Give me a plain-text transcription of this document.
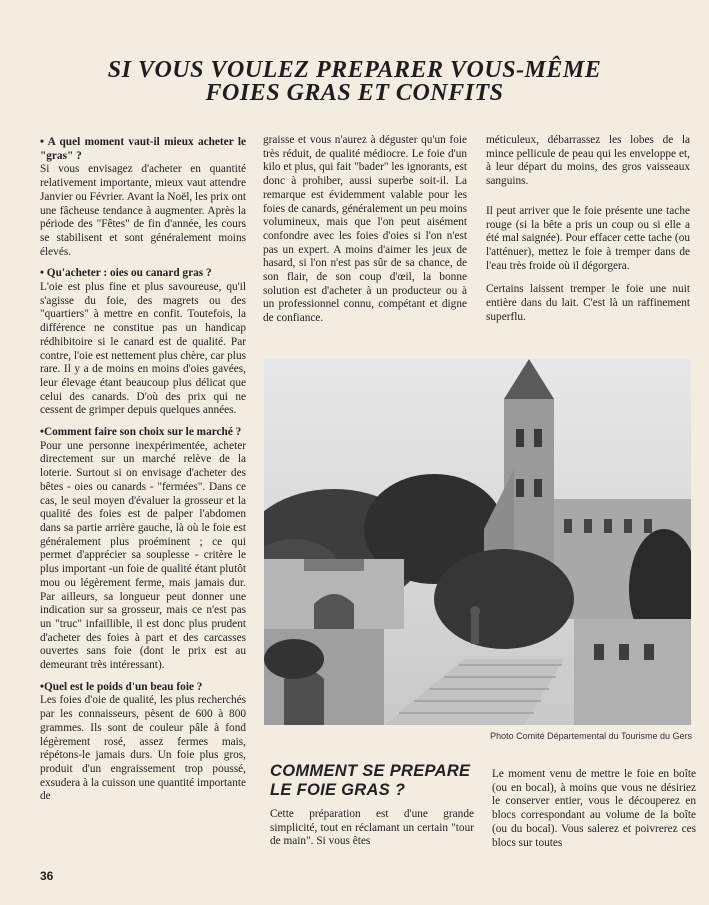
SI VOUS VOULEZ PREPARER VOUS-MÊME
FOIES GRAS ET CONFITS

• A quel moment vaut-il mieux acheter le "gras" ?
Si vous envisagez d'acheter en quantité relativement importante, mieux vaut attendre Janvier ou Février. Avant la Noël, les prix ont une fâcheuse tendance à augmenter. Après la période des "Fêtes" de fin d'année, les cours se stabilisent et sont généralement moins élevés.

• Qu'acheter : oies ou canard gras ?
L'oie est plus fine et plus savoureuse, qu'il s'agisse du foie, des magrets ou des "quartiers" à mettre en confit. Toutefois, la différence ne constitue pas un handicap rédhibitoire si le canard est de qualité. Par contre, l'oie est nettement plus chère, car plus rare. Il y a de moins en moins d'oies gavées, leur élevage étant beaucoup plus délicat que celui des canards. D'où des prix qui ne cessent de grimper depuis quelques années.

•Comment faire son choix sur le marché ?
Pour une personne inexpérimentée, acheter directement sur un marché relève de la loterie. Surtout si on envisage d'acheter des bêtes - oies ou canards - "fermées". Dans ce cas, le seul moyen d'évaluer la grosseur et la qualité des foies est de palper l'abdomen dans sa partie arrière gauche, là où le foie est généralement plus proéminent ; ce qui permet d'apprécier sa souplesse - critère le plus important -un foie de qualité étant plutôt mou ou légèrement ferme, mais jamais dur. Par ailleurs, sa longueur peut donner une indication sur sa grosseur, mais ce n'est pas un "truc" infaillible, il est donc plus prudent d'acheter des foies à part et des carcasses ouvertes sans foie (dont le prix est au demeurant très intéressant).

•Quel est le poids d'un beau foie ?
Les foies d'oie de qualité, les plus recherchés par les connaisseurs, pèsent de 600 à 800 grammes. Ils sont de couleur pâle à fond légèrement rosé, assez fermes mais, répétons-le jamais durs. Un foie plus gros, produit d'un engraissement trop poussé, exsudera à la cuisson une quantité importante de

graisse et vous n'aurez à déguster qu'un foie très réduit, de qualité médiocre. Le foie d'un kilo et plus, qui fait "bader" les ignorants, est donc à prohiber, aussi superbe soit-il. La remarque est évidemment valable pour les foies de canards, généralement un peu moins volumineux, mais que l'on peut aisément confondre avec les foies d'oies si l'on n'est pas un expert. A moins d'aimer les jeux de hasard, si l'on n'est pas sûr de sa chance, de son flair, de son coup d'œil, la bonne solution est d'acheter à un producteur ou à un professionnel connu, compétant et digne de confiance.

méticuleux, débarrassez les lobes de la mince pellicule de peau qui les enveloppe et, à leur départ du moins, des gros vaisseaux sanguins.

Il peut arriver que le foie présente une tache rouge (si la bête a pris un coup ou si elle a été mal saignée). Pour effacer cette tache (ou l'atténuer), mettez le foie à tremper dans de l'eau très froide où il dégorgera.

Certains laissent tremper le foie une nuit entière dans du lait. C'est là un raffinement superflu.

Photo Comité Départemental du Tourisme du Gers
COMMENT SE PREPARE LE FOIE GRAS ?

Cette préparation est d'une grande simplicité, tout en réclamant un certain "tour de main". Si vous êtes

Le moment venu de mettre le foie en boîte (ou en bocal), à moins que vous ne désiriez le conserver entier, vous le découperez en blocs correspondant au volume de la boîte (ou du bocal). Vous salerez et poivrerez ces blocs sur toutes

36
